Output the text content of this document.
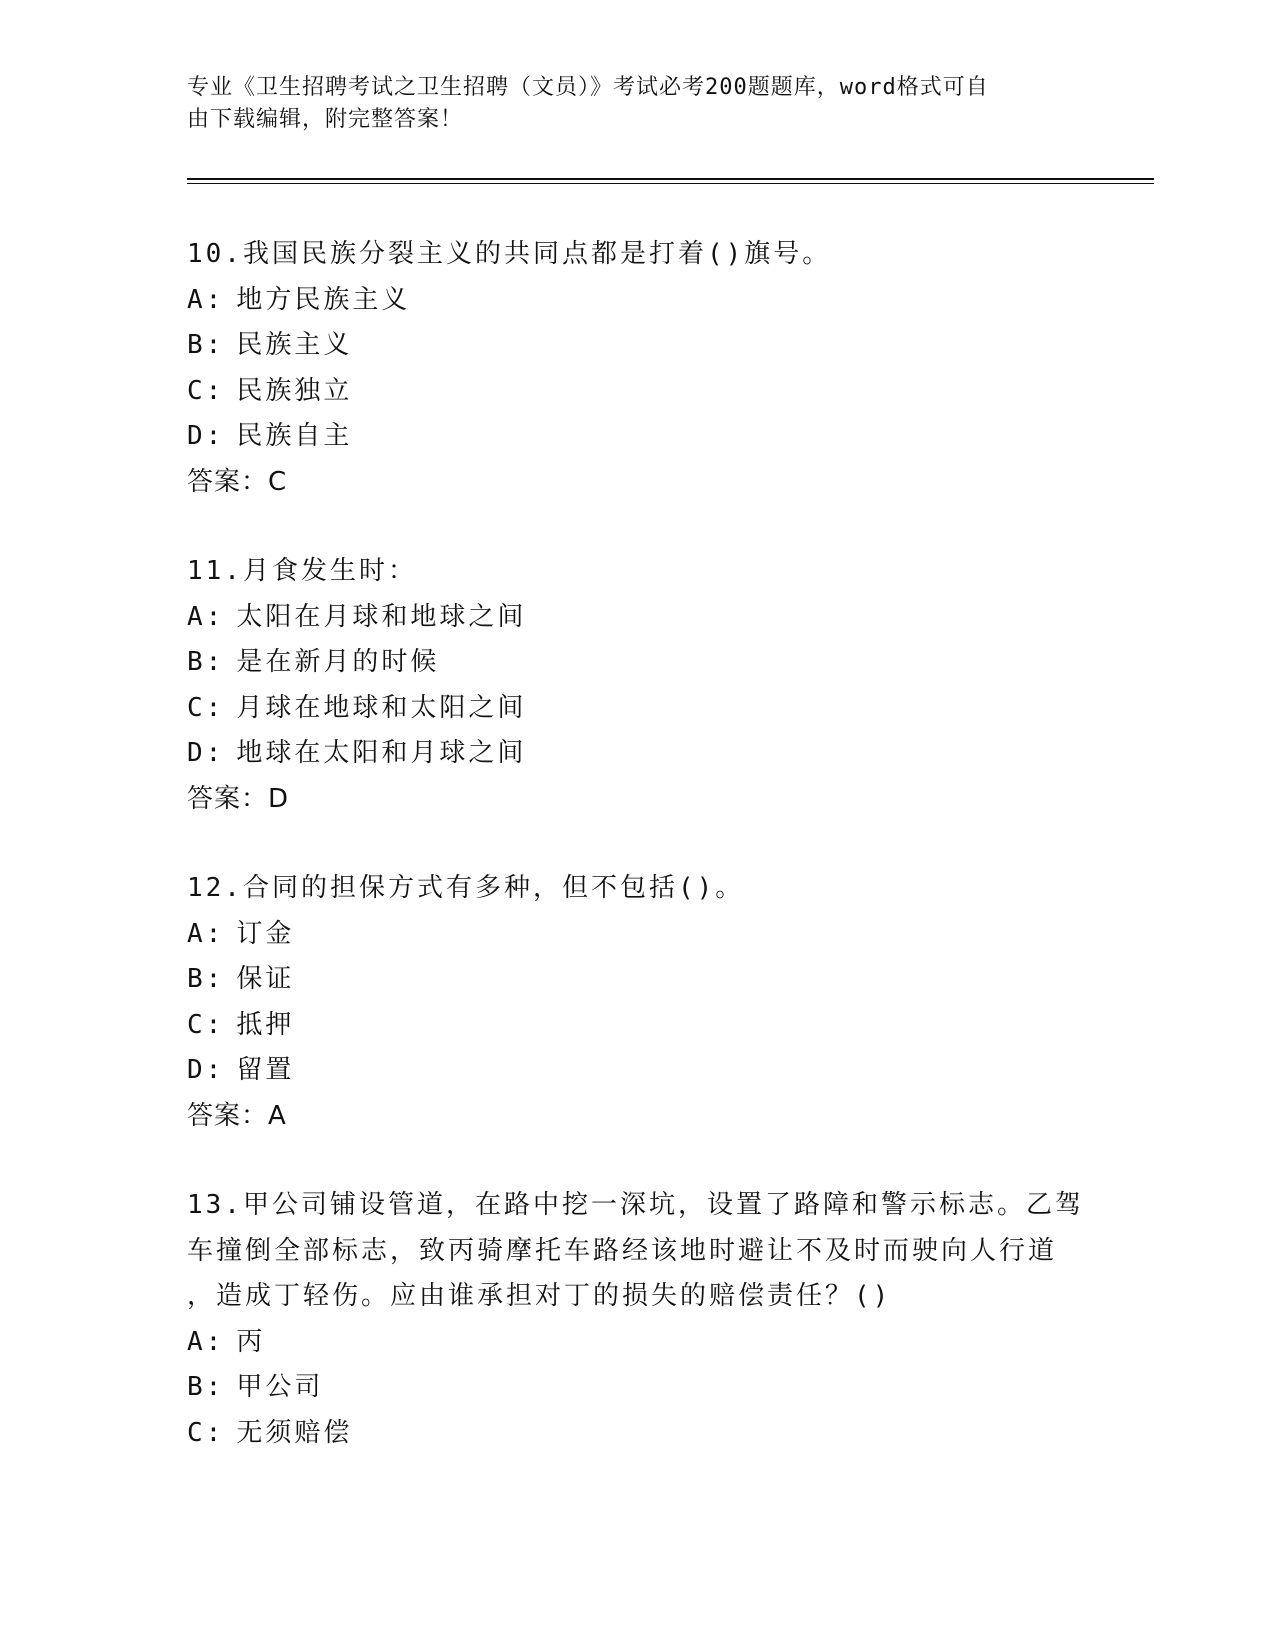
专业《卫生招聘考试之卫生招聘（文员）》考试必考200题题库，word格式可自
由下载编辑，附完整答案！
10.我国民族分裂主义的共同点都是打着()旗号。
A: 地方民族主义
B: 民族主义
C: 民族独立
D: 民族自主
答案：C
11.月食发生时：
A: 太阳在月球和地球之间
B: 是在新月的时候
C: 月球在地球和太阳之间
D: 地球在太阳和月球之间
答案：D
12.合同的担保方式有多种，但不包括()。
A: 订金
B: 保证
C: 抵押
D: 留置
答案：A
13.甲公司铺设管道，在路中挖一深坑，设置了路障和警示标志。乙驾
车撞倒全部标志，致丙骑摩托车路经该地时避让不及时而驶向人行道
，造成丁轻伤。应由谁承担对丁的损失的赔偿责任？()
A: 丙
B: 甲公司
C: 无须赔偿
